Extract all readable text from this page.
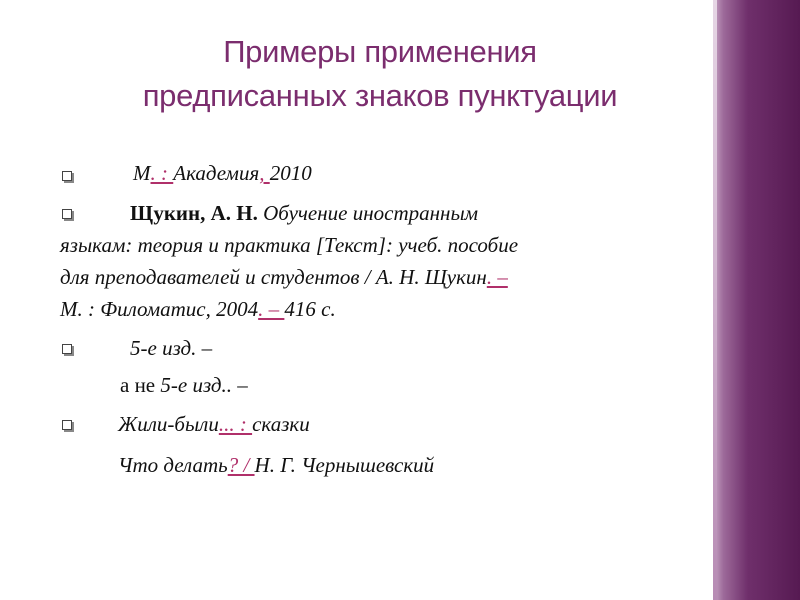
Примеры применения
предписанных знаков пунктуации
М. : Академия, 2010
Щукин, А. Н. Обучение иностранным
языкам: теория и практика [Текст]: учеб. пособие
для преподавателей и студентов / А. Н. Щукин. –
М. : Филоматис, 2004. – 416 с.
5-е изд. –
а не 5-е изд.. –
Жили-были... : сказки
Что делать? / Н. Г. Чернышевский
